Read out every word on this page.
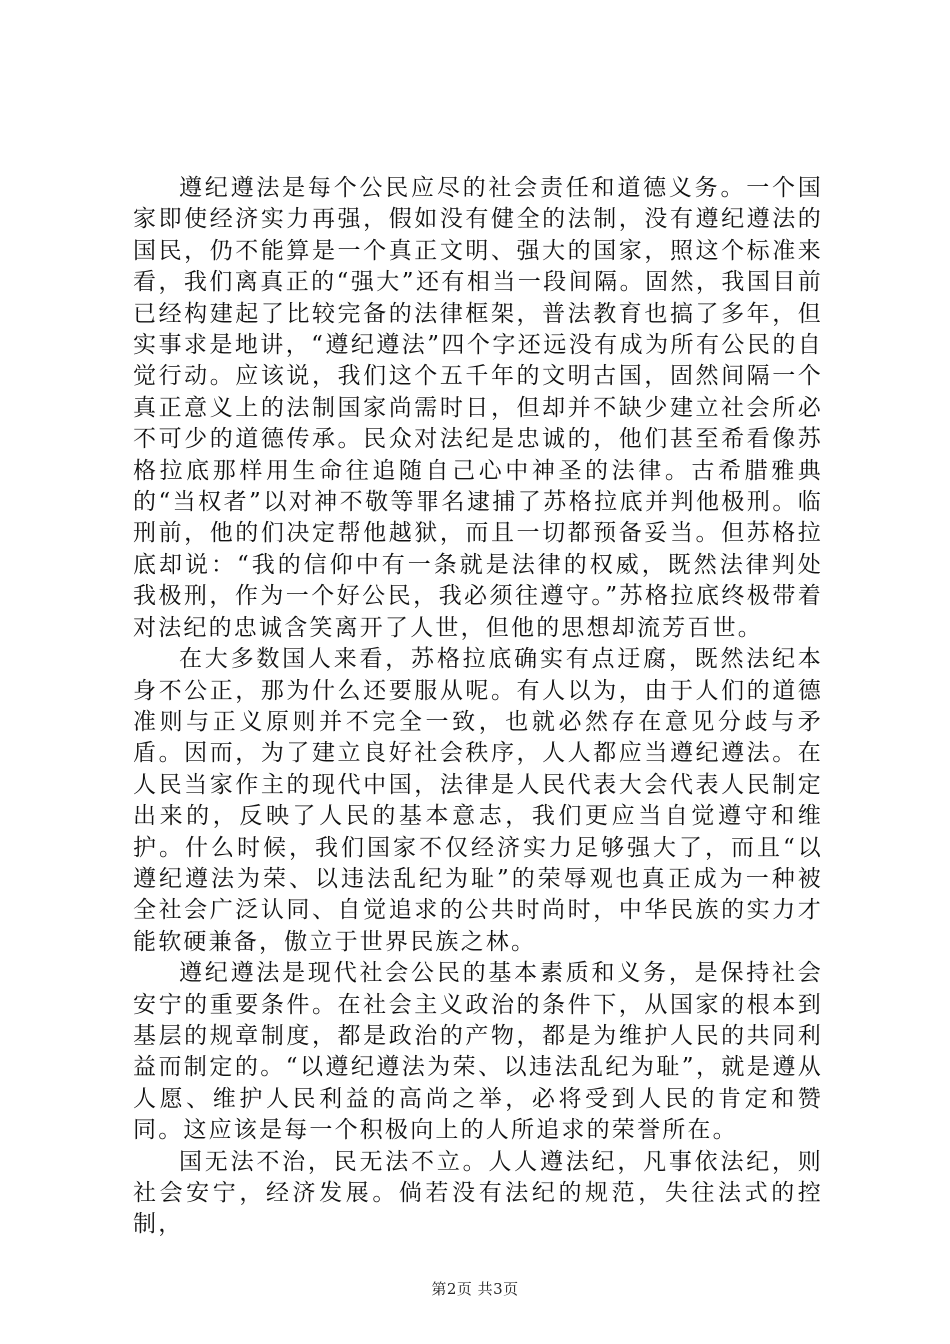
遵纪遵法是每个公民应尽的社会责任和道德义务。一个国家即使经济实力再强，假如没有健全的法制，没有遵纪遵法的国民，仍不能算是一个真正文明、强大的国家，照这个标准来看，我们离真正的“强大”还有相当一段间隔。固然，我国目前已经构建起了比较完备的法律框架，普法教育也搞了多年，但实事求是地讲，“遵纪遵法”四个字还远没有成为所有公民的自觉行动。应该说，我们这个五千年的文明古国，固然间隔一个真正意义上的法制国家尚需时日，但却并不缺少建立社会所必不可少的道德传承。民众对法纪是忠诚的，他们甚至希看像苏格拉底那样用生命往追随自己心中神圣的法律。古希腊雅典的“当权者”以对神不敬等罪名逮捕了苏格拉底并判他极刑。临刑前，他的们决定帮他越狱，而且一切都预备妥当。但苏格拉底却说：“我的信仰中有一条就是法律的权威，既然法律判处我极刑，作为一个好公民，我必须往遵守。”苏格拉底终极带着对法纪的忠诚含笑离开了人世，但他的思想却流芳百世。

在大多数国人来看，苏格拉底确实有点迂腐，既然法纪本身不公正，那为什么还要服从呢。有人以为，由于人们的道德准则与正义原则并不完全一致，也就必然存在意见分歧与矛盾。因而，为了建立良好社会秩序，人人都应当遵纪遵法。在人民当家作主的现代中国，法律是人民代表大会代表人民制定出来的，反映了人民的基本意志，我们更应当自觉遵守和维护。什么时候，我们国家不仅经济实力足够强大了，而且“以遵纪遵法为荣、以违法乱纪为耻”的荣辱观也真正成为一种被全社会广泛认同、自觉追求的公共时尚时，中华民族的实力才能软硬兼备，傲立于世界民族之林。

遵纪遵法是现代社会公民的基本素质和义务，是保持社会安宁的重要条件。在社会主义政治的条件下，从国家的根本到基层的规章制度，都是政治的产物，都是为维护人民的共同利益而制定的。“以遵纪遵法为荣、以违法乱纪为耻”，就是遵从人愿、维护人民利益的高尚之举，必将受到人民的肯定和赞同。这应该是每一个积极向上的人所追求的荣誉所在。

国无法不治，民无法不立。人人遵法纪，凡事依法纪，则社会安宁，经济发展。倘若没有法纪的规范，失往法式的控制，

第2页 共3页
